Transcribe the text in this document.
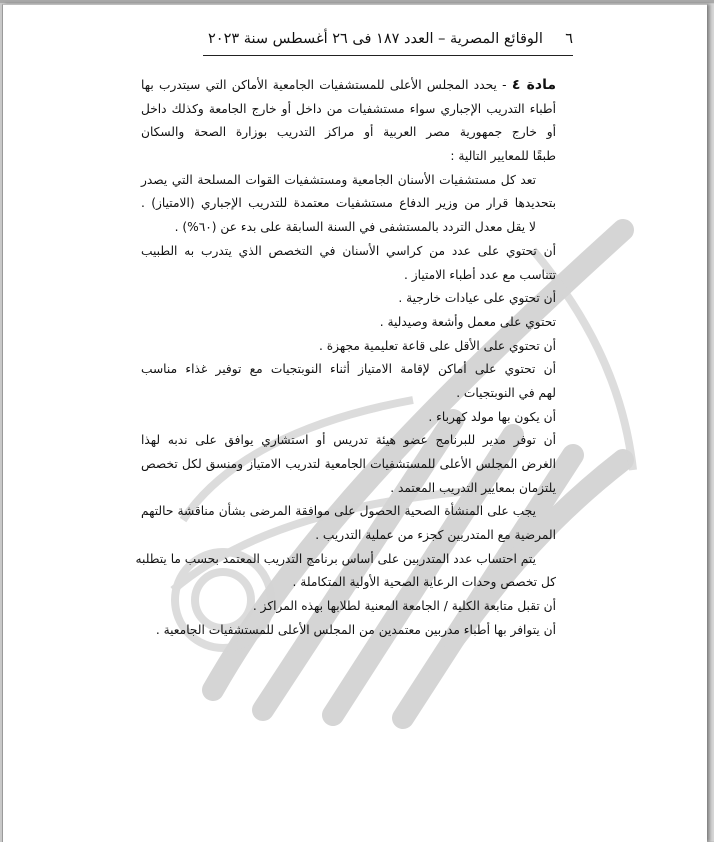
٦
الوقائع المصرية – العدد ١٨٧ فى ٢٦ أغسطس سنة ٢٠٢٣
مادة ٤ - يحدد المجلس الأعلى للمستشفيات الجامعية الأماكن التي سيتدرب بها
أطباء التدريب الإجباري سواء مستشفيات من داخل أو خارج الجامعة وكذلك داخل
أو خارج جمهورية مصر العربية أو مراكز التدريب بوزارة الصحة والسكان
طبقًا للمعايير التالية :
تعد كل مستشفيات الأسنان الجامعية ومستشفيات القوات المسلحة التي يصدر
بتحديدها قرار من وزير الدفاع مستشفيات معتمدة للتدريب الإجباري (الامتياز) .
لا يقل معدل التردد بالمستشفى في السنة السابقة على بدء عن (٦٠%) .
أن تحتوي على عدد من كراسي الأسنان في التخصص الذي يتدرب به الطبيب
تتناسب مع عدد أطباء الامتياز .
أن تحتوي على عيادات خارجية .
تحتوي على معمل وأشعة وصيدلية .
أن تحتوي على الأقل على قاعة تعليمية مجهزة .
أن تحتوي على أماكن لإقامة الامتياز أثناء النوبتجيات مع توفير غذاء مناسب
لهم في النوبتجيات .
أن يكون بها مولد كهرباء .
أن توفر مدير للبرنامج عضو هيئة تدريس أو استشاري يوافق على ندبه لهذا
الغرض المجلس الأعلى للمستشفيات الجامعية لتدريب الامتياز ومنسق لكل تخصص
يلتزمان بمعايير التدريب المعتمد .
يجب على المنشأة الصحية الحصول على موافقة المرضى بشأن مناقشة حالتهم
المرضية مع المتدربين كجزء من عملية التدريب .
يتم احتساب عدد المتدربين على أساس برنامج التدريب المعتمد بحسب ما يتطلبه
كل تخصص وحدات الرعاية الصحية الأولية المتكاملة .
أن تقبل متابعة الكلية / الجامعة المعنية لطلابها بهذه المراكز .
أن يتوافر بها أطباء مدربين معتمدين من المجلس الأعلى للمستشفيات الجامعية .
